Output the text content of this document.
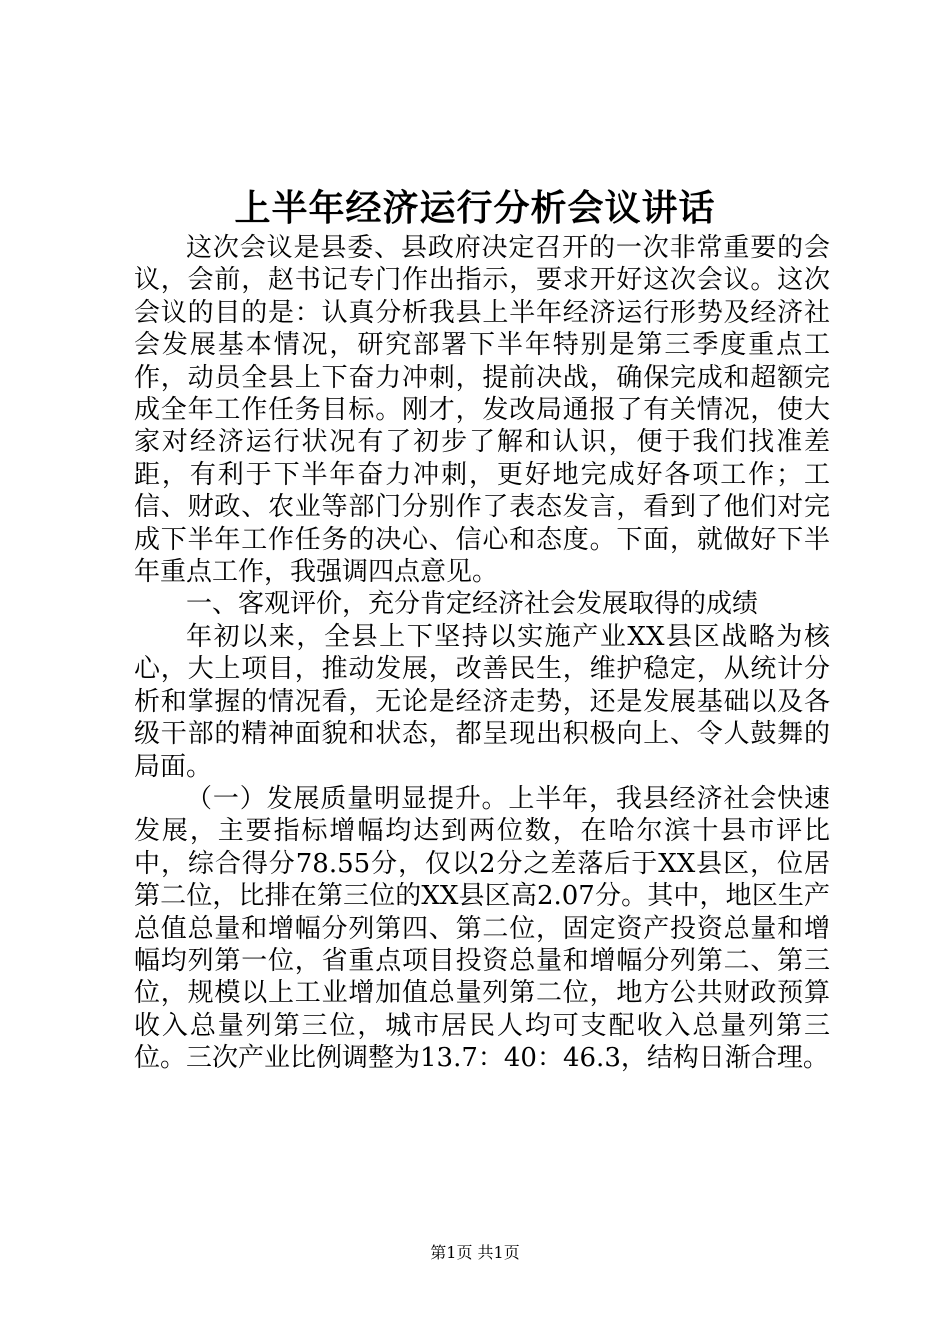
上半年经济运行分析会议讲话

这次会议是县委、县政府决定召开的一次非常重要的会议，会前，赵书记专门作出指示，要求开好这次会议。这次会议的目的是：认真分析我县上半年经济运行形势及经济社会发展基本情况，研究部署下半年特别是第三季度重点工作，动员全县上下奋力冲刺，提前决战，确保完成和超额完成全年工作任务目标。刚才，发改局通报了有关情况，使大家对经济运行状况有了初步了解和认识，便于我们找准差距，有利于下半年奋力冲刺，更好地完成好各项工作；工信、财政、农业等部门分别作了表态发言，看到了他们对完成下半年工作任务的决心、信心和态度。下面，就做好下半年重点工作，我强调四点意见。

一、客观评价，充分肯定经济社会发展取得的成绩

年初以来，全县上下坚持以实施产业XX县区战略为核心，大上项目，推动发展，改善民生，维护稳定，从统计分析和掌握的情况看，无论是经济走势，还是发展基础以及各级干部的精神面貌和状态，都呈现出积极向上、令人鼓舞的局面。

（一）发展质量明显提升。上半年，我县经济社会快速发展，主要指标增幅均达到两位数，在哈尔滨十县市评比中，综合得分78.55分，仅以2分之差落后于XX县区，位居第二位，比排在第三位的XX县区高2.07分。其中，地区生产总值总量和增幅分列第四、第二位，固定资产投资总量和增幅均列第一位，省重点项目投资总量和增幅分列第二、第三位，规模以上工业增加值总量列第二位，地方公共财政预算收入总量列第三位，城市居民人均可支配收入总量列第三位。三次产业比例调整为13.7：40：46.3，结构日渐合理。

第1页 共1页
